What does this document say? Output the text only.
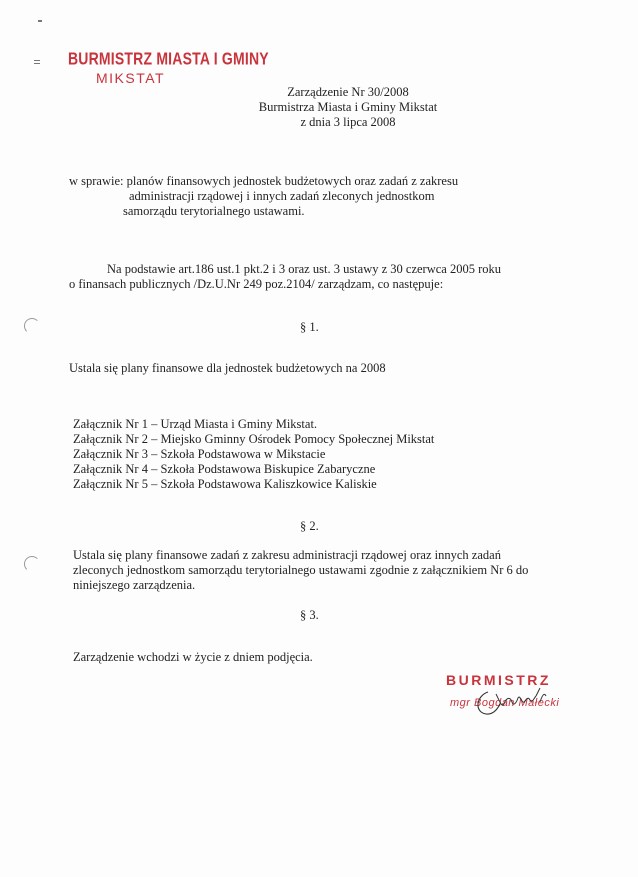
BURMISTRZ MIASTA I GMINY
MIKSTAT
Zarządzenie Nr 30/2008
Burmistrza Miasta i Gminy Mikstat
z dnia 3 lipca 2008
w sprawie: planów finansowych jednostek budżetowych oraz zadań z zakresu
administracji rządowej i innych zadań zleconych jednostkom
samorządu terytorialnego ustawami.
Na podstawie art.186 ust.1 pkt.2 i 3 oraz ust. 3 ustawy z 30 czerwca 2005 roku
o finansach publicznych /Dz.U.Nr 249 poz.2104/ zarządzam, co następuje:
§ 1.
Ustala się plany finansowe dla jednostek budżetowych na 2008
Załącznik Nr 1 – Urząd Miasta i Gminy Mikstat.
Załącznik Nr 2 – Miejsko Gminny Ośrodek Pomocy Społecznej Mikstat
Załącznik Nr 3 – Szkoła Podstawowa w Mikstacie
Załącznik Nr 4 – Szkoła Podstawowa Biskupice Zabaryczne
Załącznik Nr 5 – Szkoła Podstawowa Kaliszkowice Kaliskie
§ 2.
Ustala się plany finansowe zadań z zakresu administracji rządowej oraz innych zadań
zleconych jednostkom samorządu terytorialnego ustawami zgodnie z załącznikiem Nr 6 do
niniejszego zarządzenia.
§ 3.
Zarządzenie wchodzi w życie z dniem podjęcia.
BURMISTRZ
mgr Bogdan Małecki
